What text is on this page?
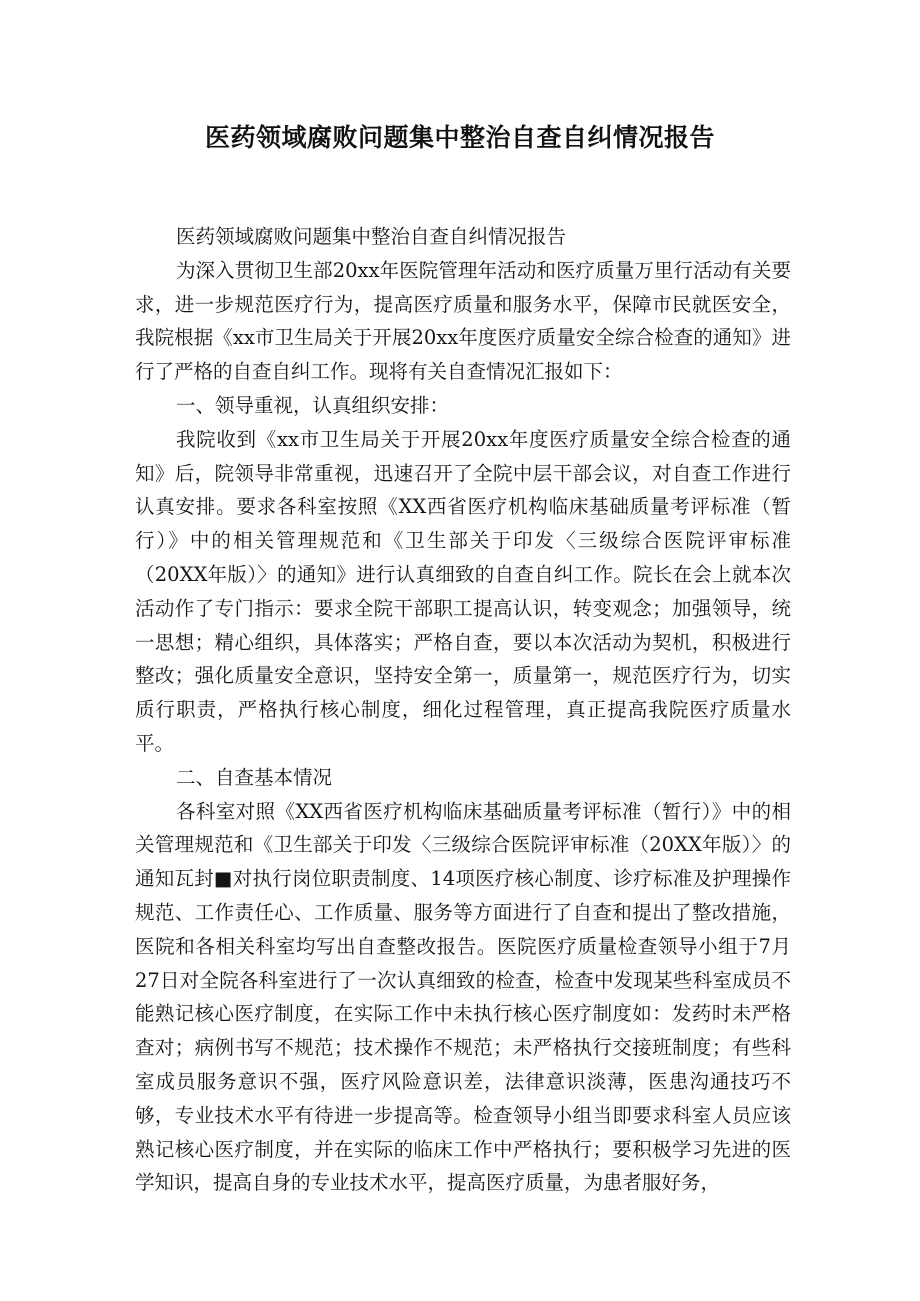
医药领域腐败问题集中整治自查自纠情况报告

医药领域腐败问题集中整治自查自纠情况报告

为深入贯彻卫生部20xx年医院管理年活动和医疗质量万里行活动有关要求，进一步规范医疗行为，提高医疗质量和服务水平，保障市民就医安全，我院根据《xx市卫生局关于开展20xx年度医疗质量安全综合检查的通知》进行了严格的自查自纠工作。现将有关自查情况汇报如下：

一、领导重视，认真组织安排：

我院收到《xx市卫生局关于开展20xx年度医疗质量安全综合检查的通知》后，院领导非常重视，迅速召开了全院中层干部会议，对自查工作进行认真安排。要求各科室按照《XX西省医疗机构临床基础质量考评标准（暂行）》中的相关管理规范和《卫生部关于印发〈三级综合医院评审标准（20XX年版）〉的通知》进行认真细致的自查自纠工作。院长在会上就本次活动作了专门指示：要求全院干部职工提高认识，转变观念；加强领导，统一思想；精心组织，具体落实；严格自查，要以本次活动为契机，积极进行整改；强化质量安全意识，坚持安全第一，质量第一，规范医疗行为，切实质行职责，严格执行核心制度，细化过程管理，真正提高我院医疗质量水平。

二、自查基本情况

各科室对照《XX西省医疗机构临床基础质量考评标准（暂行）》中的相关管理规范和《卫生部关于印发〈三级综合医院评审标准（20XX年版）〉的通知瓦封■对执行岗位职责制度、14项医疗核心制度、诊疗标准及护理操作规范、工作责任心、工作质量、服务等方面进行了自查和提出了整改措施，医院和各相关科室均写出自查整改报告。医院医疗质量检查领导小组于7月27日对全院各科室进行了一次认真细致的检查，检查中发现某些科室成员不能熟记核心医疗制度，在实际工作中未执行核心医疗制度如：发药时未严格查对；病例书写不规范；技术操作不规范；未严格执行交接班制度；有些科室成员服务意识不强，医疗风险意识差，法律意识淡薄，医患沟通技巧不够，专业技术水平有待进一步提高等。检查领导小组当即要求科室人员应该熟记核心医疗制度，并在实际的临床工作中严格执行；要积极学习先进的医学知识，提高自身的专业技术水平，提高医疗质量，为患者服好务，
